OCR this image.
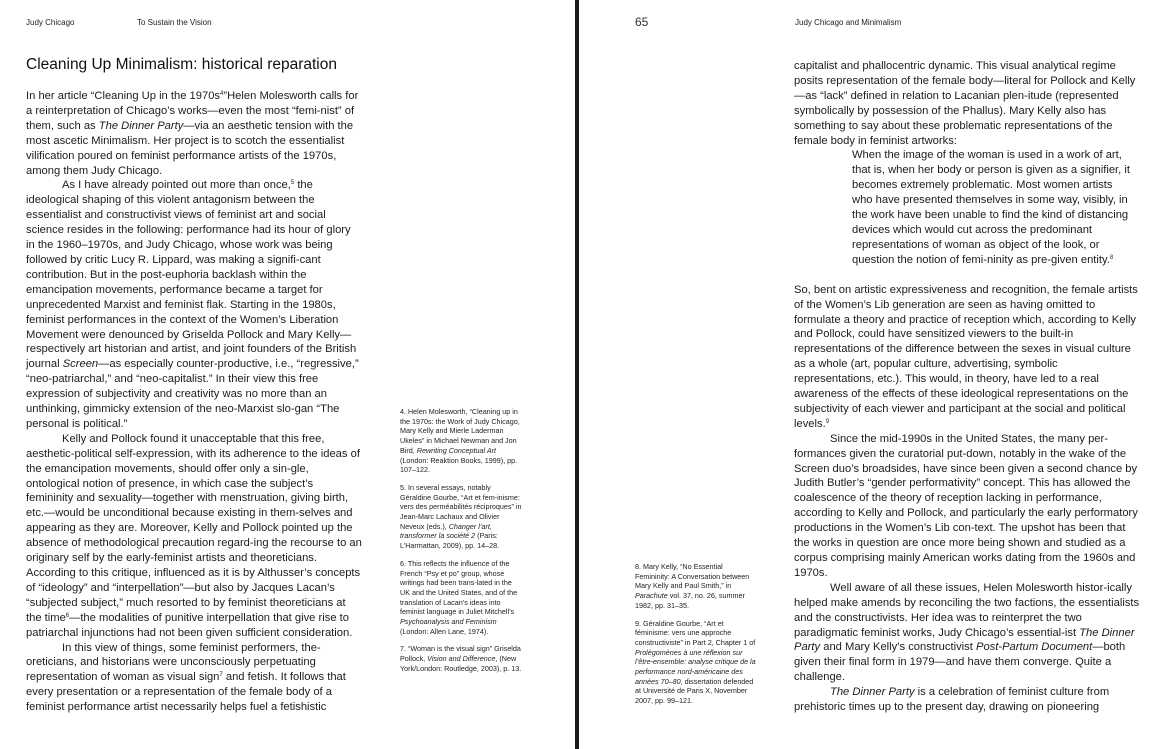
Judy Chicago	To Sustain the Vision
Cleaning Up Minimalism: historical reparation

In her article “Cleaning Up in the $1970s^4”Helen$ Molesworth calls for a reinterpretation of Chicago’s works—even the most “femi-nist” of them, such as The Dinner Party—via an aesthetic tension with the most ascetic Minimalism. Her project is to scotch the essentialist vilification poured on feminist performance artists of the 1970s, among them Judy Chicago.

As I have already pointed out more than once,$^5$ the ideological shaping of this violent antagonism between the essentialist and constructivist views of feminist art and social science resides in the following: performance had its hour of glory in the 1960–1970s, and Judy Chicago, whose work was being followed by critic Lucy R. Lippard, was making a signifi-cant contribution. But in the post-euphoria backlash within the emancipation movements, performance became a target for unprecedented Marxist and feminist flak. Starting in the 1980s, feminist performances in the context of the Women’s Liberation Movement were denounced by Griselda Pollock and Mary Kelly—respectively art historian and artist, and joint founders of the British journal Screen—as especially counter-productive, i.e., “regressive,” “neo-patriarchal,” and “neo-capitalist.” In their view this free expression of subjectivity and creativity was no more than an unthinking, gimmicky extension of the neo-Marxist slo-gan “The personal is political.”

Kelly and Pollock found it unacceptable that this free, aesthetic-political self-expression, with its adherence to the ideas of the emancipation movements, should offer only a sin-gle, ontological notion of presence, in which case the subject’s femininity and sexuality—together with menstruation, giving birth, etc.—would be unconditional because existing in them-selves and appearing as they are. Moreover, Kelly and Pollock pointed up the absence of methodological precaution regard-ing the recourse to an originary self by the early-feminist artists and theoreticians. According to this critique, influenced as it is by Althusser’s concepts of “ideology” and “interpellation”—but also by Jacques Lacan’s “subjected subject,” much resorted to by feminist theoreticians at the time$^6$—the modalities of punitive interpellation that give rise to patriarchal injunctions had not been given sufficient consideration.

In this view of things, some feminist performers, the-oreticians, and historians were unconsciously perpetuating representation of woman as visual sign$^7$ and fetish. It follows that every presentation or a representation of the female body of a feminist performance artist necessarily helps fuel a fetishistic

4. Helen Molesworth, “Cleaning up in the 1970s: the Work of Judy Chicago, Mary Kelly and Mierle Laderman Ukeles” in Michael Newman and Jon Bird, Rewriting Conceptual Art (London: Reaktion Books, 1999), pp. 107–122.

5. In several essays, notably Géraldine Gourbe, “Art et fem-inisme: vers des perméabilités réciproques” in Jean-Marc Lachaux and Olivier Neveux (eds.), Changer l’art, transformer la société 2 (Paris: L’Harmattan, 2009), pp. 14–28.

6. This reflects the influence of the French “Psy et po” group, whose writings had been trans-lated in the UK and the United States, and of the translation of Lacan’s ideas into feminist language in Juliet Mitchell’s Psychoanalysis and Feminism (London: Allen Lane, 1974).

7. “Woman is the visual sign” Griselda Pollock, Vision and Difference, (New York/London: Routledge, 2003), p. 13.

65	Judy Chicago and Minimalism

capitalist and phallocentric dynamic. This visual analytical regime posits representation of the female body—literal for Pollock and Kelly—as “lack” defined in relation to Lacanian plen-itude (represented symbolically by possession of the Phallus). Mary Kelly also has something to say about these problematic representations of the female body in feminist artworks:

When the image of the woman is used in a work of art, that is, when her body or person is given as a signifier, it becomes extremely problematic. Most women artists who have presented themselves in some way, visibly, in the work have been unable to find the kind of distancing devices which would cut across the predominant representations of woman as object of the look, or question the notion of femi-ninity as pre-given entity.$^8$

So, bent on artistic expressiveness and recognition, the female artists of the Women’s Lib generation are seen as having omitted to formulate a theory and practice of reception which, according to Kelly and Pollock, could have sensitized viewers to the built-in representations of the difference between the sexes in visual culture as a whole (art, popular culture, advertising, symbolic representations, etc.). This would, in theory, have led to a real awareness of the effects of these ideological representations on the subjectivity of each viewer and participant at the social and political levels.$^9$

Since the mid-1990s in the United States, the many per-formances given the curatorial put-down, notably in the wake of the Screen duo’s broadsides, have since been given a second chance by Judith Butler’s “gender performativity” concept. This has allowed the coalescence of the theory of reception lacking in performance, according to Kelly and Pollock, and particularly the early performatory productions in the Women’s Lib con-text. The upshot has been that the works in question are once more being shown and studied as a corpus comprising mainly American works dating from the 1960s and 1970s.

Well aware of all these issues, Helen Molesworth histor-ically helped make amends by reconciling the two factions, the essentialists and the constructivists. Her idea was to reinterpret the two paradigmatic feminist works, Judy Chicago’s essential-ist The Dinner Party and Mary Kelly’s constructivist Post-Partum Document—both given their final form in 1979—and have them converge. Quite a challenge.

The Dinner Party is a celebration of feminist culture from prehistoric times up to the present day, drawing on pioneering

8. Mary Kelly, “No Essential Femininity: A Conversation between Mary Kelly and Paul Smith,” in Parachute vol. 37, no. 26, summer 1982, pp. 31–35.

9. Géraldine Gourbe, “Art et féminisme: vers une approche constructiviste” in Part 2, Chapter 1 of Prolégomènes à une réflexion sur l’être-ensemble: analyse critique de la performance nord-américaine des années 70–80, dissertation defended at Université de Paris X, November 2007, pp. 99–121.
